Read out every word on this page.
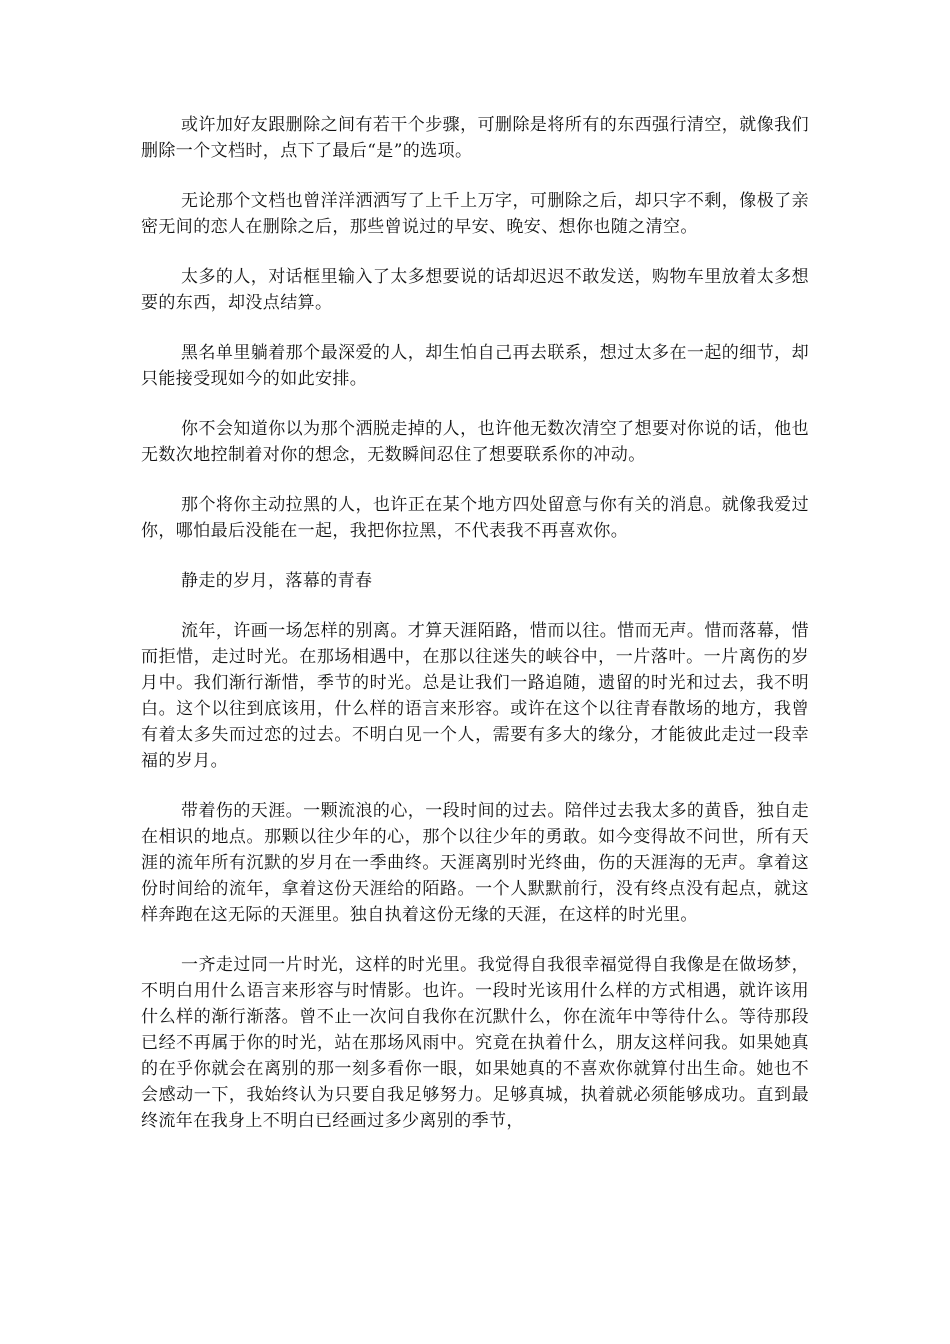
或许加好友跟删除之间有若干个步骤，可删除是将所有的东西强行清空，就像我们删除一个文档时，点下了最后“是”的选项。

无论那个文档也曾洋洋洒洒写了上千上万字，可删除之后，却只字不剩，像极了亲密无间的恋人在删除之后，那些曾说过的早安、晚安、想你也随之清空。

太多的人，对话框里输入了太多想要说的话却迟迟不敢发送，购物车里放着太多想要的东西，却没点结算。

黑名单里躺着那个最深爱的人，却生怕自己再去联系，想过太多在一起的细节，却只能接受现如今的如此安排。

你不会知道你以为那个洒脱走掉的人，也许他无数次清空了想要对你说的话，他也无数次地控制着对你的想念，无数瞬间忍住了想要联系你的冲动。

那个将你主动拉黑的人，也许正在某个地方四处留意与你有关的消息。就像我爱过你，哪怕最后没能在一起，我把你拉黑，不代表我不再喜欢你。

静走的岁月，落幕的青春

流年，许画一场怎样的别离。才算天涯陌路，惜而以往。惜而无声。惜而落幕，惜而拒惜，走过时光。在那场相遇中，在那以往迷失的峡谷中，一片落叶。一片离伤的岁月中。我们渐行渐惜，季节的时光。总是让我们一路追随，遗留的时光和过去，我不明白。这个以往到底该用，什么样的语言来形容。或许在这个以往青春散场的地方，我曾有着太多失而过恋的过去。不明白见一个人，需要有多大的缘分，才能彼此走过一段幸福的岁月。

带着伤的天涯。一颗流浪的心，一段时间的过去。陪伴过去我太多的黄昏，独自走在相识的地点。那颗以往少年的心，那个以往少年的勇敢。如今变得故不问世，所有天涯的流年所有沉默的岁月在一季曲终。天涯离别时光终曲，伤的天涯海的无声。拿着这份时间给的流年，拿着这份天涯给的陌路。一个人默默前行，没有终点没有起点，就这样奔跑在这无际的天涯里。独自执着这份无缘的天涯，在这样的时光里。

一齐走过同一片时光，这样的时光里。我觉得自我很幸福觉得自我像是在做场梦，不明白用什么语言来形容与时情影。也许。一段时光该用什么样的方式相遇，就许该用什么样的渐行渐落。曾不止一次问自我你在沉默什么，你在流年中等待什么。等待那段已经不再属于你的时光，站在那场风雨中。究竟在执着什么，朋友这样问我。如果她真的在乎你就会在离别的那一刻多看你一眼，如果她真的不喜欢你就算付出生命。她也不会感动一下，我始终认为只要自我足够努力。足够真城，执着就必须能够成功。直到最终流年在我身上不明白已经画过多少离别的季节，
